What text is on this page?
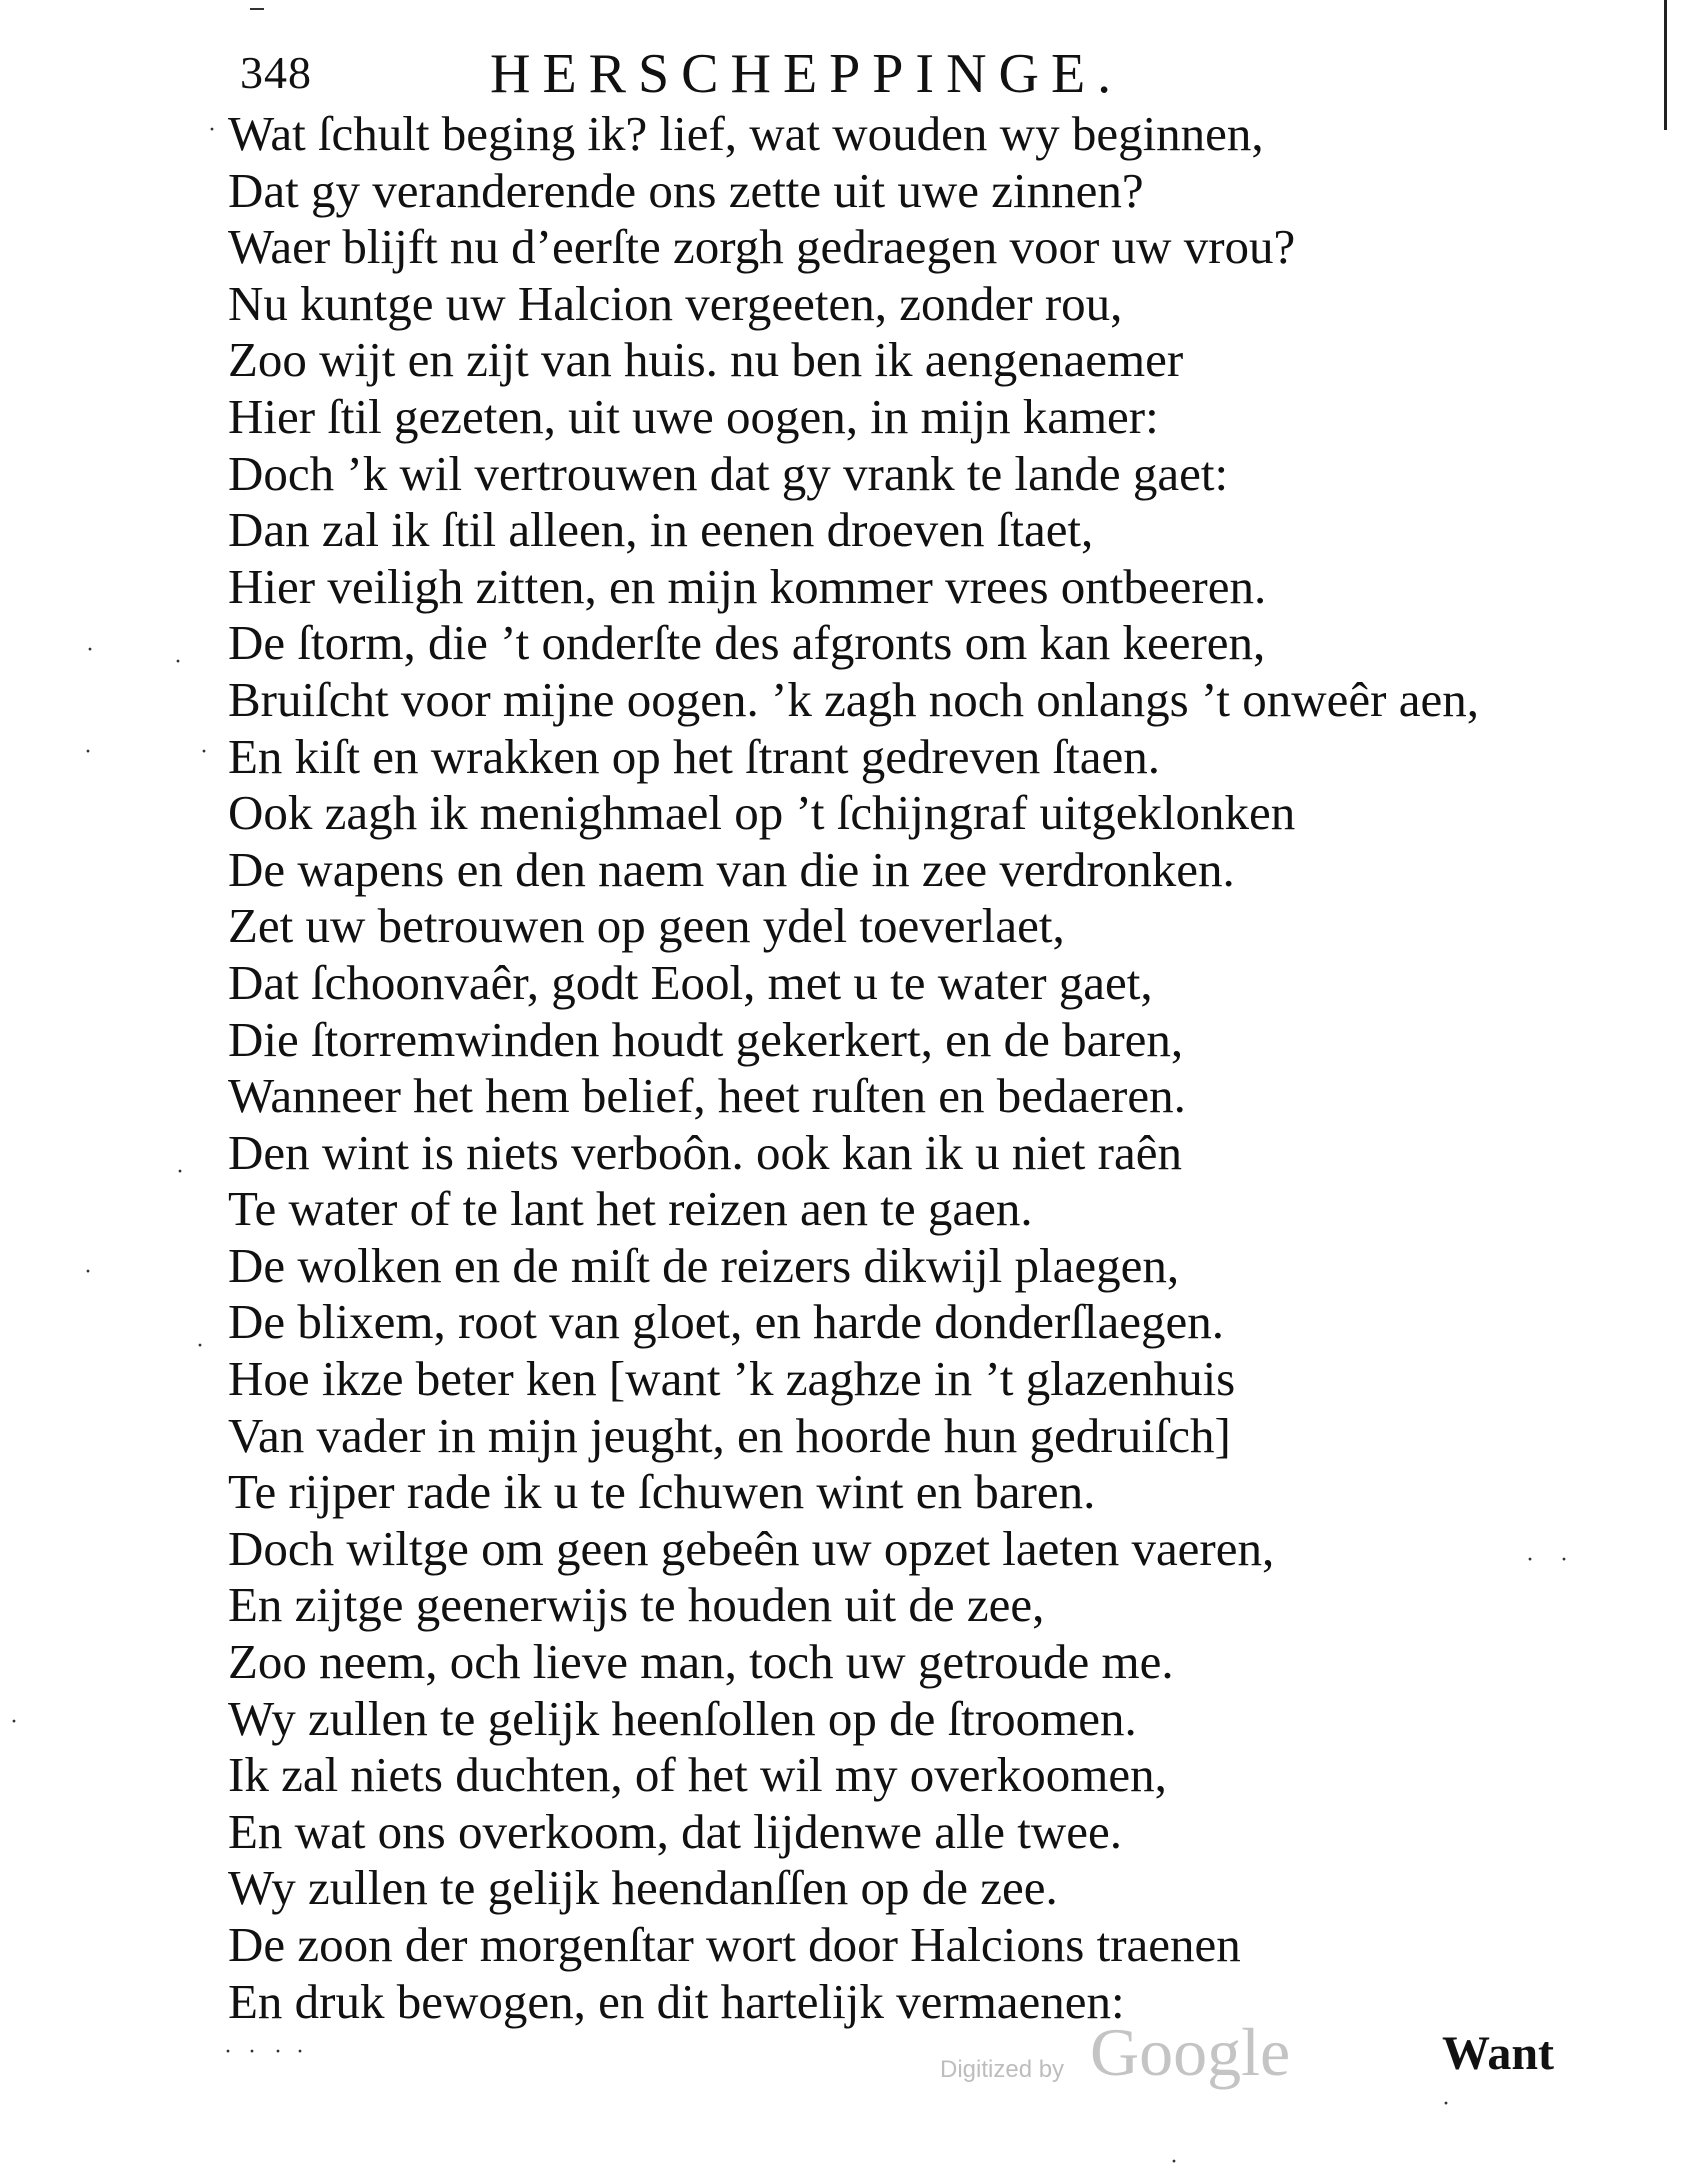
348	HERSCHEPPINGE.
Wat ſchult beging ik? lief, wat wouden wy beginnen,
Dat gy veranderende ons zette uit uwe zinnen?
Waer blijft nu d’eerſte zorgh gedraegen voor uw vrou?
Nu kuntge uw Halcion vergeeten, zonder rou,
Zoo wijt en zijt van huis. nu ben ik aengenaemer
Hier ſtil gezeten, uit uwe oogen, in mijn kamer:
Doch ’k wil vertrouwen dat gy vrank te lande gaet:
Dan zal ik ſtil alleen, in eenen droeven ſtaet,
Hier veiligh zitten, en mijn kommer vrees ontbeeren.
De ſtorm, die ’t onderſte des afgronts om kan keeren,
Bruiſcht voor mijne oogen. ’k zagh noch onlangs ’t onweêr aen,
En kiſt en wrakken op het ſtrant gedreven ſtaen.
Ook zagh ik menighmael op ’t ſchijngraf uitgeklonken
De wapens en den naem van die in zee verdronken.
Zet uw betrouwen op geen ydel toeverlaet,
Dat ſchoonvaêr, godt Eool, met u te water gaet,
Die ſtorremwinden houdt gekerkert, en de baren,
Wanneer het hem belief, heet ruſten en bedaeren.
Den wint is niets verboôn. ook kan ik u niet raên
Te water of te lant het reizen aen te gaen.
De wolken en de miſt de reizers dikwijl plaegen,
De blixem, root van gloet, en harde donderſlaegen.
Hoe ikze beter ken [want ’k zaghze in ’t glazenhuis
Van vader in mijn jeught, en hoorde hun gedruiſch]
Te rijper rade ik u te ſchuwen wint en baren.
Doch wiltge om geen gebeên uw opzet laeten vaeren,
En zijtge geenerwijs te houden uit de zee,
Zoo neem, och lieve man, toch uw getroude me.
Wy zullen te gelijk heenſollen op de ſtroomen.
Ik zal niets duchten, of het wil my overkoomen,
En wat ons overkoom, dat lijdenwe alle twee.
Wy zullen te gelijk heendanſſen op de zee.
De zoon der morgenſtar wort door Halcions traenen
En druk bewogen, en dit hartelijk vermaenen:
Want
Digitized by Google
·
·	·
·	·
·
·
·
·
· · · ·
· ·
·
·
